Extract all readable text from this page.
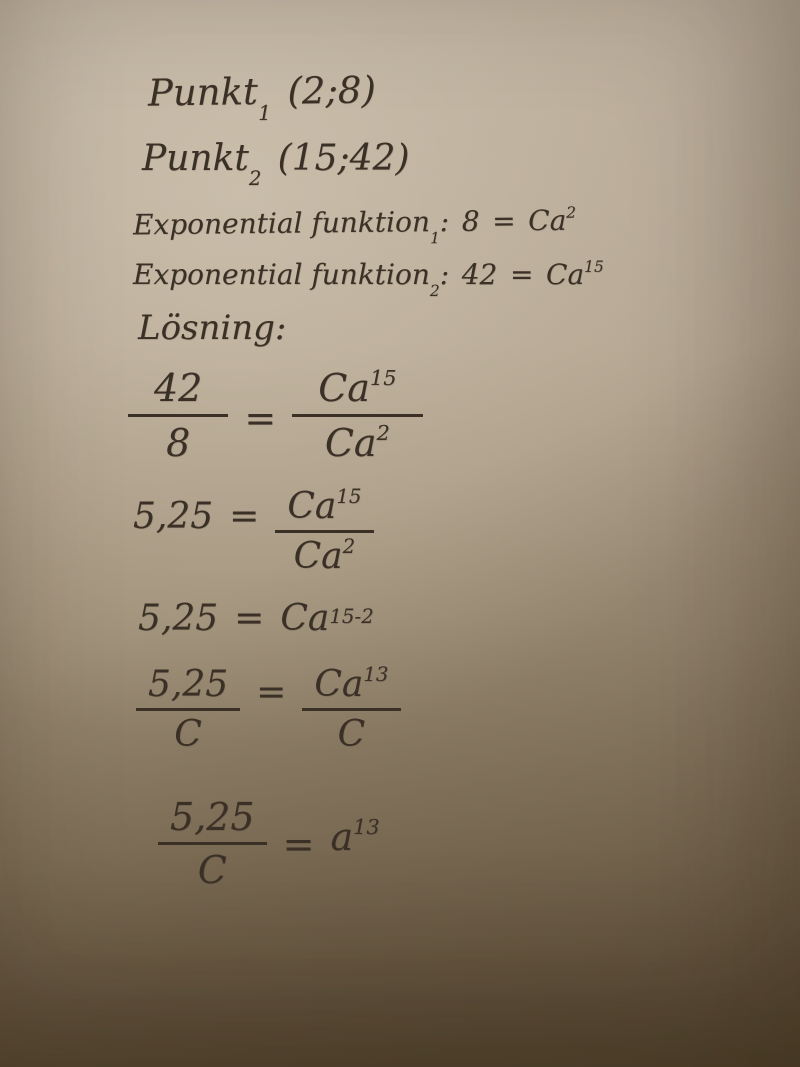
Punkt$_1$ (2;8)
Punkt$_2$ (15;42)
Exponential funktion$_1$: $8 = Ca^2$
Exponential funktion$_2$: $42 = Ca^{15}$
Lösning:
$\frac{42}{8} = \frac{Ca^{15}}{Ca^2}$
$5,25 = \frac{Ca^{15}}{Ca^2}$
$5,25 = Ca^{15-2}$
$\frac{5,25}{C} = \frac{Ca^{13}}{C}$
$\frac{5,25}{C} = a^{13}$
